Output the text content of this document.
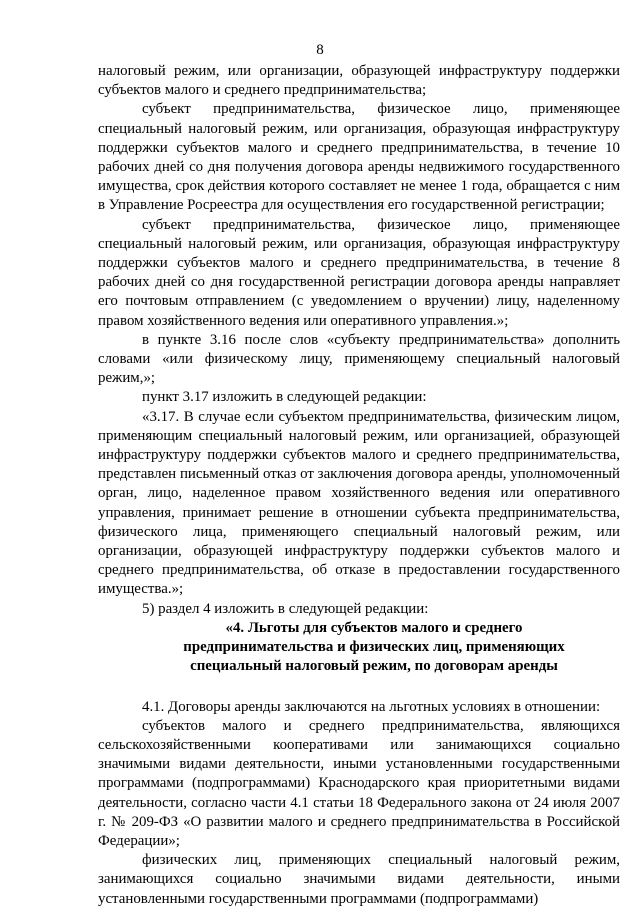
8

налоговый режим, или организации, образующей инфраструктуру поддержки субъектов малого и среднего предпринимательства;

субъект предпринимательства, физическое лицо, применяющее специальный налоговый режим, или организация, образующая инфраструктуру поддержки субъектов малого и среднего предпринимательства, в течение 10 рабочих дней со дня получения договора аренды недвижимого государственного имущества, срок действия которого составляет не менее 1 года, обращается с ним в Управление Росреестра для осуществления его государственной регистрации;

субъект предпринимательства, физическое лицо, применяющее специальный налоговый режим, или организация, образующая инфраструктуру поддержки субъектов малого и среднего предпринимательства, в течение 8 рабочих дней со дня государственной регистрации договора аренды направляет его почтовым отправлением (с уведомлением о вручении) лицу, наделенному правом хозяйственного ведения или оперативного управления.»;

в пункте 3.16 после слов «субъекту предпринимательства» дополнить словами «или физическому лицу, применяющему специальный налоговый режим,»;

пункт 3.17 изложить в следующей редакции:

«3.17. В случае если субъектом предпринимательства, физическим лицом, применяющим специальный налоговый режим, или организацией, образующей инфраструктуру поддержки субъектов малого и среднего предпринимательства, представлен письменный отказ от заключения договора аренды, уполномоченный орган, лицо, наделенное правом хозяйственного ведения или оперативного управления, принимает решение в отношении субъекта предпринимательства, физического лица, применяющего специальный налоговый режим, или организации, образующей инфраструктуру поддержки субъектов малого и среднего предпринимательства, об отказе в предоставлении государственного имущества.»;

5) раздел 4 изложить в следующей редакции:

«4. Льготы для субъектов малого и среднего

предпринимательства и физических лиц, применяющих

специальный налоговый режим, по договорам аренды

4.1. Договоры аренды заключаются на льготных условиях в отношении:

субъектов малого и среднего предпринимательства, являющихся сельскохозяйственными кооперативами или занимающихся социально значимыми видами деятельности, иными установленными государственными программами (подпрограммами) Краснодарского края приоритетными видами деятельности, согласно части 4.1 статьи 18 Федерального закона от 24 июля 2007 г. № 209-ФЗ «О развитии малого и среднего предпринимательства в Российской Федерации»;

физических лиц, применяющих специальный налоговый режим, занимающихся социально значимыми видами деятельности, иными установленными государственными программами (подпрограммами)
